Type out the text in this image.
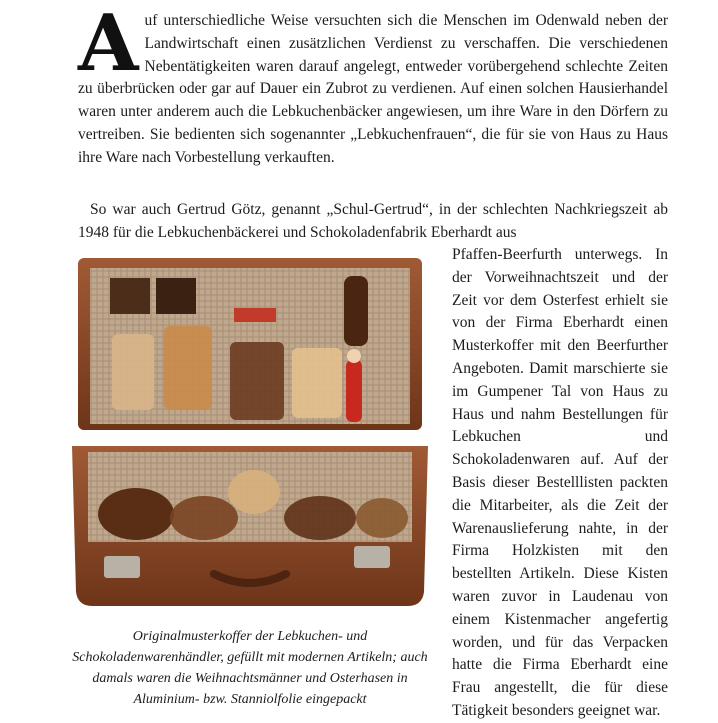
Auf unterschiedliche Weise versuchten sich die Menschen im Odenwald neben der Landwirtschaft einen zusätzlichen Verdienst zu verschaffen. Die verschiedenen Nebentätigkeiten waren darauf angelegt, entweder vorübergehend schlechte Zeiten zu überbrücken oder gar auf Dauer ein Zubrot zu verdienen. Auf einen solchen Hausierhandel waren unter anderem auch die Lebkuchenbäcker angewiesen, um ihre Ware in den Dörfern zu vertreiben. Sie bedienten sich sogenannter „Lebkuchenfrauen“, die für sie von Haus zu Haus ihre Ware nach Vorbestellung verkauften.

So war auch Gertrud Götz, genannt „Schul-Gertrud“, in der schlechten Nachkriegszeit ab 1948 für die Lebkuchenbäckerei und Schokoladenfabrik Eberhardt aus

Pfaffen-Beerfurth unterwegs. In der Vorweihnachtszeit und der Zeit vor dem Osterfest erhielt sie von der Firma Eberhardt einen Musterkoffer mit den Beerfurther Angeboten. Damit marschierte sie im Gumpener Tal von Haus zu Haus und nahm Bestellungen für Lebkuchen und Schokoladenwaren auf. Auf der Basis dieser Bestelllisten packten die Mitarbeiter, als die Zeit der Warenauslieferung nahte, in der Firma Holzkisten mit den bestellten Artikeln. Diese Kisten waren zuvor in Laudenau von einem Kistenmacher angefertig worden, und für das Verpacken hatte die Firma Eberhardt eine Frau angestellt, die für diese Tätigkeit besonders geeignet war.

Originalmusterkoffer der Lebkuchen- und Schokoladenwarenhändler, gefüllt mit modernen Artikeln; auch damals waren die Weihnachtsmänner und Osterhasen in Aluminium- bzw. Stanniolfolie eingepackt
